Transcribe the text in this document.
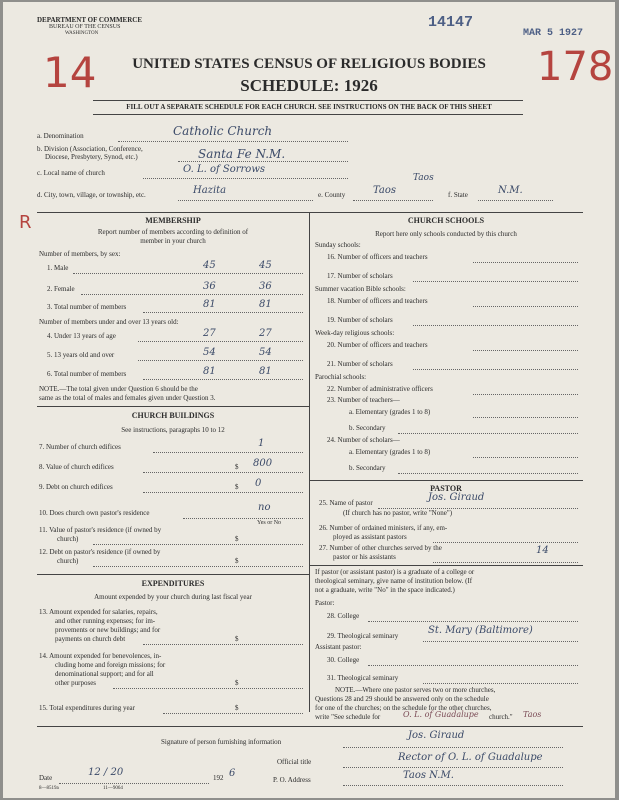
DEPARTMENT OF COMMERCE
BUREAU OF THE CENSUS
WASHINGTON
14147
MAR 5 1927
14	178
R
UNITED STATES CENSUS OF RELIGIOUS BODIES
SCHEDULE: 1926
FILL OUT A SEPARATE SCHEDULE FOR EACH CHURCH. SEE INSTRUCTIONS ON THE BACK OF THIS SHEET
a. Denomination	Catholic Church
b. Division (Association, Conference,
Diocese, Presbytery, Synod, etc.)	Santa Fe N.M.
c. Local name of church	O. L. of Sorrows
d. City, town, village, or township, etc.	Hazita	e. County	Taos
Taos
f. State	N.M.
MEMBERSHIP
Report number of members according to definition of
member in your church
Number of members, by sex:
1. Male	45	45
2. Female	36	36
3. Total number of members	81	81
Number of members under and over 13 years old:
4. Under 13 years of age	27	27
5. 13 years old and over	54	54
6. Total number of members	81	81
NOTE.—The total given under Question 6 should be the
same as the total of males and females given under Question 3.
CHURCH BUILDINGS
See instructions, paragraphs 10 to 12
7. Number of church edifices	1
8. Value of church edifices	$ 800
9. Debt on church edifices	$ 0
10. Does church own pastor's residence	no
Yes or No
11. Value of pastor's residence (if owned by
church)	$
12. Debt on pastor's residence (if owned by
church)	$
EXPENDITURES
Amount expended by your church during last fiscal year
13. Amount expended for salaries, repairs,
and other running expenses; for im-
provements or new buildings; and for
payments on church debt	$
14. Amount expended for benevolences, in-
cluding home and foreign missions; for
denominational support; and for all
other purposes	$
15. Total expenditures during year	$
CHURCH SCHOOLS
Report here only schools conducted by this church
Sunday schools:
16. Number of officers and teachers
17. Number of scholars
Summer vacation Bible schools:
18. Number of officers and teachers
19. Number of scholars
Week-day religious schools:
20. Number of officers and teachers
21. Number of scholars
Parochial schools:
22. Number of administrative officers
23. Number of teachers—
a. Elementary (grades 1 to 8)
b. Secondary
24. Number of scholars—
a. Elementary (grades 1 to 8)
b. Secondary
PASTOR
25. Name of pastor	Jos. Giraud
(If church has no pastor, write "None")
26. Number of ordained ministers, if any, em-
ployed as assistant pastors
27. Number of other churches served by the
pastor or his assistants
14
If pastor (or assistant pastor) is a graduate of a college or
theological seminary, give name of institution below. (If
not a graduate, write "No" in the space indicated.)
Pastor:
28. College
29. Theological seminary	St. Mary (Baltimore)
Assistant pastor:
30. College
31. Theological seminary
NOTE.—Where one pastor serves two or more churches,
Questions 28 and 29 should be answered only on the schedule
for one of the churches; on the schedule for the other churches,
write "See schedule for	O. L. of Guadalupe church." Taos
Signature of person furnishing information
Jos. Giraud
Official title	Rector of O. L. of Guadalupe
Date	12 / 20	192 6
P. O. Address	Taos N.M.
8—8519a	11—9064
